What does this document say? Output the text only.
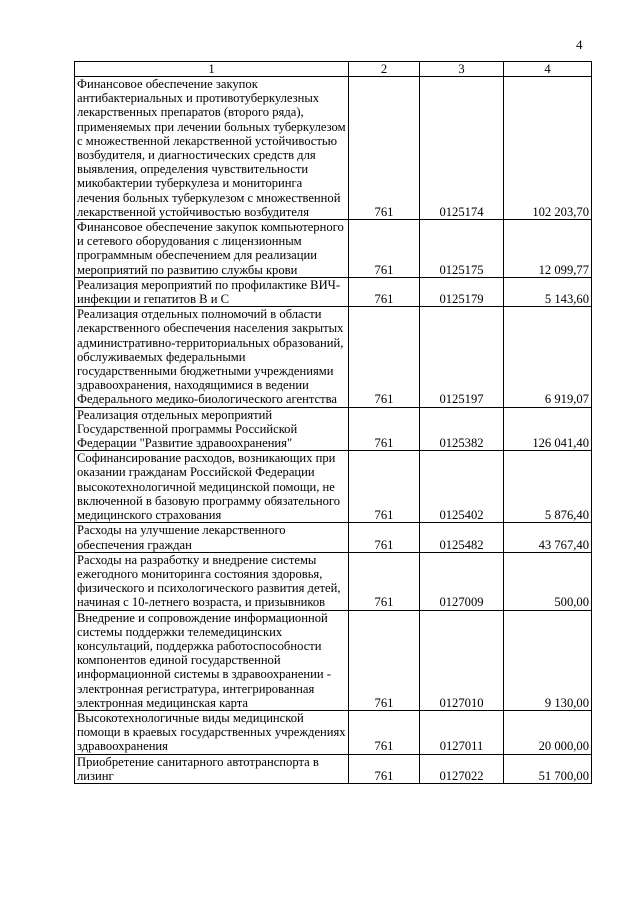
4
1	2	3	4
Финансовое обеспечение закупок антибактериальных и противотуберкулезных лекарственных препаратов (второго ряда), применяемых при лечении больных туберкулезом с множественной лекарственной устойчивостью возбудителя, и диагностических средств для выявления, определения чувствительности микобактерии туберкулеза и мониторинга лечения больных туберкулезом с множественной лекарственной устойчивостью возбудителя	761	0125174	102 203,70
Финансовое обеспечение закупок компьютерного и сетевого оборудования с лицензионным программным обеспечением для реализации мероприятий по развитию службы крови	761	0125175	12 099,77
Реализация мероприятий по профилактике ВИЧ-инфекции и гепатитов B и C	761	0125179	5 143,60
Реализация отдельных полномочий в области лекарственного обеспечения населения закрытых административно-территориальных образований, обслуживаемых федеральными государственными бюджетными учреждениями здравоохранения, находящимися в ведении Федерального медико-биологического агентства	761	0125197	6 919,07
Реализация отдельных мероприятий Государственной программы Российской Федерации "Развитие здравоохранения"	761	0125382	126 041,40
Софинансирование расходов, возникающих при оказании гражданам Российской Федерации высокотехнологичной медицинской помощи, не включенной в базовую программу обязательного медицинского страхования	761	0125402	5 876,40
Расходы на улучшение лекарственного обеспечения граждан	761	0125482	43 767,40
Расходы на разработку и внедрение системы ежегодного мониторинга состояния здоровья, физического и психологического развития детей, начиная с 10-летнего возраста, и призывников	761	0127009	500,00
Внедрение и сопровождение информационной системы поддержки телемедицинских консультаций, поддержка работоспособности компонентов единой государственной информационной системы в здравоохранении - электронная регистратура, интегрированная электронная медицинская карта	761	0127010	9 130,00
Высокотехнологичные виды медицинской помощи в краевых государственных учреждениях здравоохранения	761	0127011	20 000,00
Приобретение санитарного автотранспорта в лизинг	761	0127022	51 700,00
